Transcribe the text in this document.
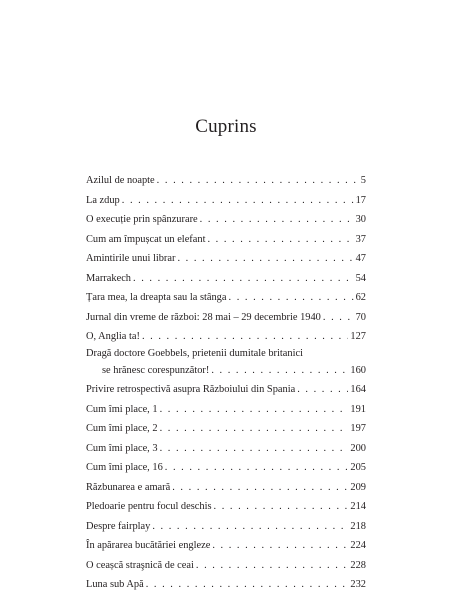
Cuprins
Azilul de noapte . . .	5
La zdup . . .	17
O execuție prin spânzurare . . .	30
Cum am împușcat un elefant . . .	37
Amintirile unui librar . . .	47
Marrakech . . .	54
Țara mea, la dreapta sau la stânga . . .	62
Jurnal din vreme de război: 28 mai – 29 decembrie 1940 . . .	70
O, Anglia ta! . . .	127
Dragă doctore Goebbels, prietenii dumitale britanici
se hrănesc corespunzător! . . .	160
Privire retrospectivă asupra Războiului din Spania . . .	164
Cum îmi place, 1 . . .	191
Cum îmi place, 2 . . .	197
Cum îmi place, 3 . . .	200
Cum îmi place, 16 . . .	205
Răzbunarea e amară . . .	209
Pledoarie pentru focul deschis . . .	214
Despre fairplay . . .	218
În apărarea bucătăriei engleze . . .	224
O ceașcă straşnică de ceai . . .	228
Luna sub Apă . . .	232
